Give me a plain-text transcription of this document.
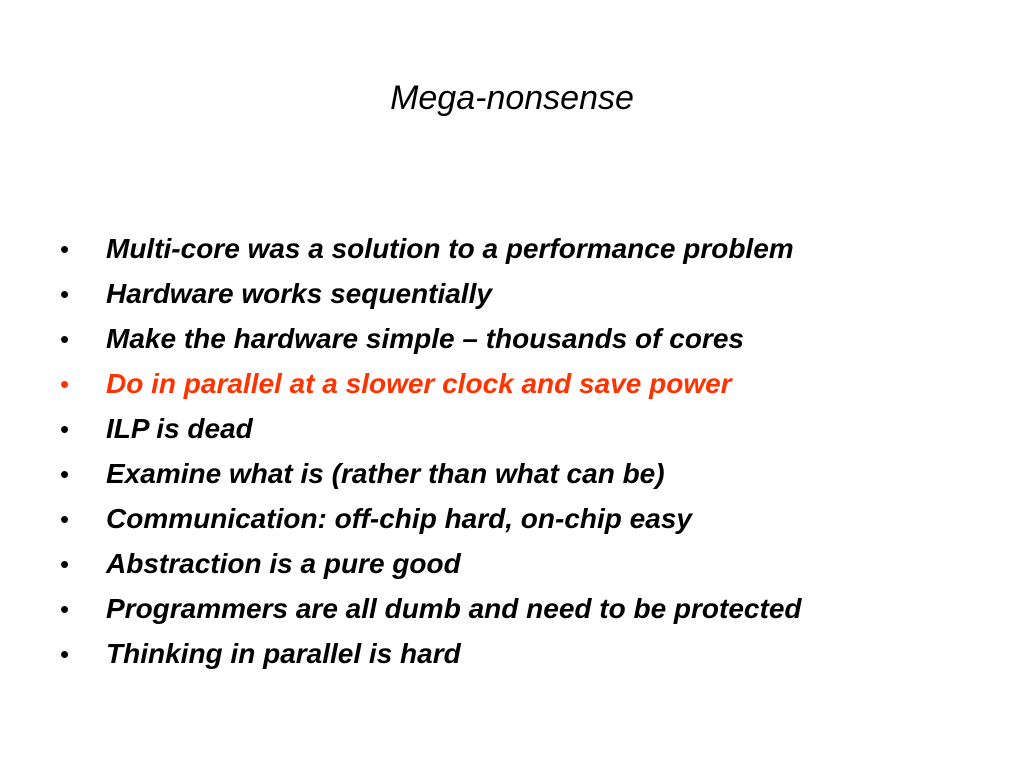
Mega-nonsense
•	Multi-core was a solution to a performance problem
•	Hardware works sequentially
•	Make the hardware simple – thousands of cores
•	Do in parallel at a slower clock and save power
•	ILP is dead
•	Examine what is (rather than what can be)
•	Communication: off-chip hard, on-chip easy
•	Abstraction is a pure good
•	Programmers are all dumb and need to be protected
•	Thinking in parallel is hard
